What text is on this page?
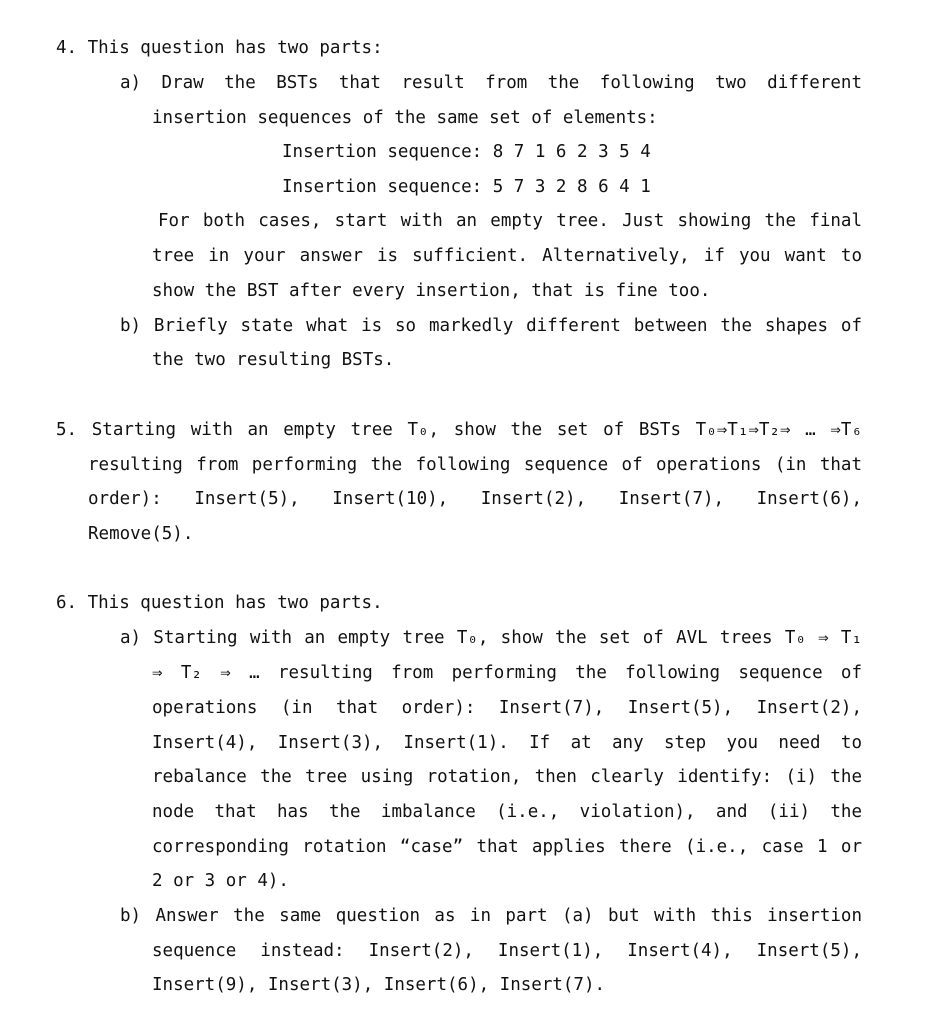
4. This question has two parts:
a) Draw the BSTs that result from the following two different
insertion sequences of the same set of elements:
Insertion sequence: 8 7 1 6 2 3 5 4
Insertion sequence: 5 7 3 2 8 6 4 1
For both cases, start with an empty tree. Just showing the final
tree in your answer is sufficient. Alternatively, if you want to
show the BST after every insertion, that is fine too.
b) Briefly state what is so markedly different between the shapes of
the two resulting BSTs.
5. Starting with an empty tree T₀, show the set of BSTs T₀⇒T₁⇒T₂⇒ … ⇒T₆
resulting from performing the following sequence of operations (in that
order): Insert(5), Insert(10), Insert(2), Insert(7), Insert(6),
Remove(5).
6. This question has two parts.
a) Starting with an empty tree T₀, show the set of AVL trees T₀ ⇒ T₁
⇒ T₂ ⇒ … resulting from performing the following sequence of
operations (in that order): Insert(7), Insert(5), Insert(2),
Insert(4), Insert(3), Insert(1). If at any step you need to
rebalance the tree using rotation, then clearly identify: (i) the
node that has the imbalance (i.e., violation), and (ii) the
corresponding rotation “case” that applies there (i.e., case 1 or
2 or 3 or 4).
b) Answer the same question as in part (a) but with this insertion
sequence instead: Insert(2), Insert(1), Insert(4), Insert(5),
Insert(9), Insert(3), Insert(6), Insert(7).
